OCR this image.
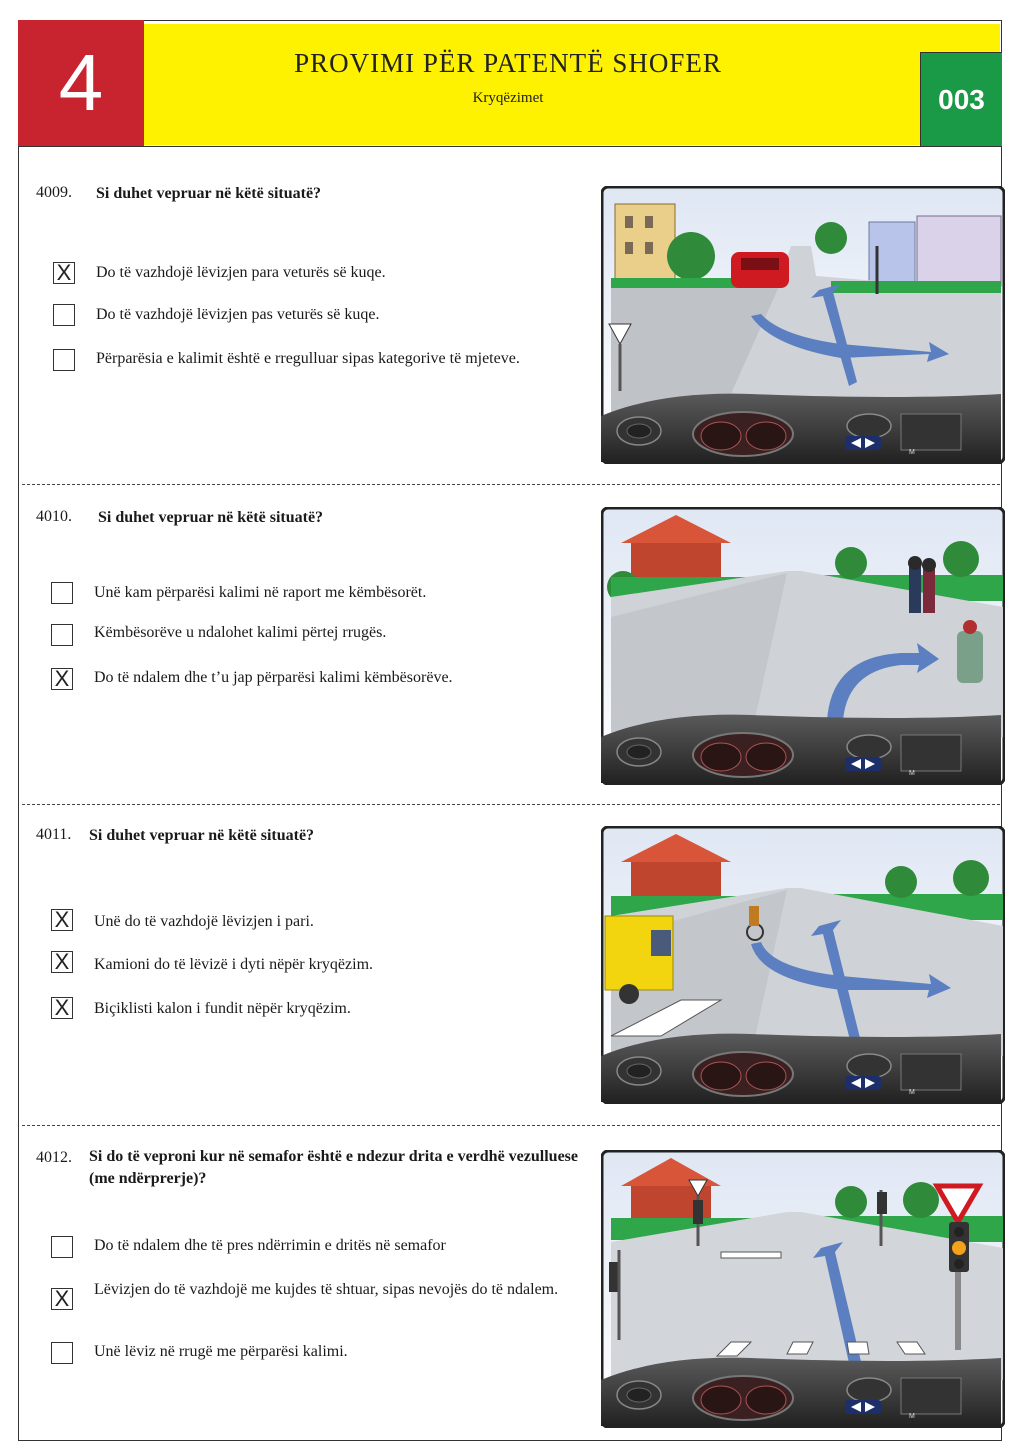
4	PROVIMI PËR PATENTË SHOFER
Kryqëzimet	003
4009. Si duhet vepruar në këtë situatë?
X Do të vazhdojë lëvizjen para veturës së kuqe.
Do të vazhdojë lëvizjen pas veturës së kuqe.
Përparësia e kalimit është e rregulluar sipas kategorive të mjeteve.
M
4010. Si duhet vepruar në këtë situatë?
Unë kam përparësi kalimi në raport me këmbësorët.
Këmbësorëve u ndalohet kalimi përtej rrugës.
X Do të ndalem dhe t’u jap përparësi kalimi këmbësorëve.
M
4011. Si duhet vepruar në këtë situatë?
X Unë do të vazhdojë lëvizjen i pari.
X Kamioni do të lëvizë i dyti nëpër kryqëzim.
X Biçiklisti kalon i fundit nëpër kryqëzim.
M
4012. Si do të veproni kur në semafor është e ndezur drita e verdhë vezulluese (me ndërprerje)?
Do të ndalem dhe të pres ndërrimin e dritës në semafor
X Lëvizjen do të vazhdojë me kujdes të shtuar, sipas nevojës do të ndalem.
Unë lëviz në rrugë me përparësi kalimi.
M
